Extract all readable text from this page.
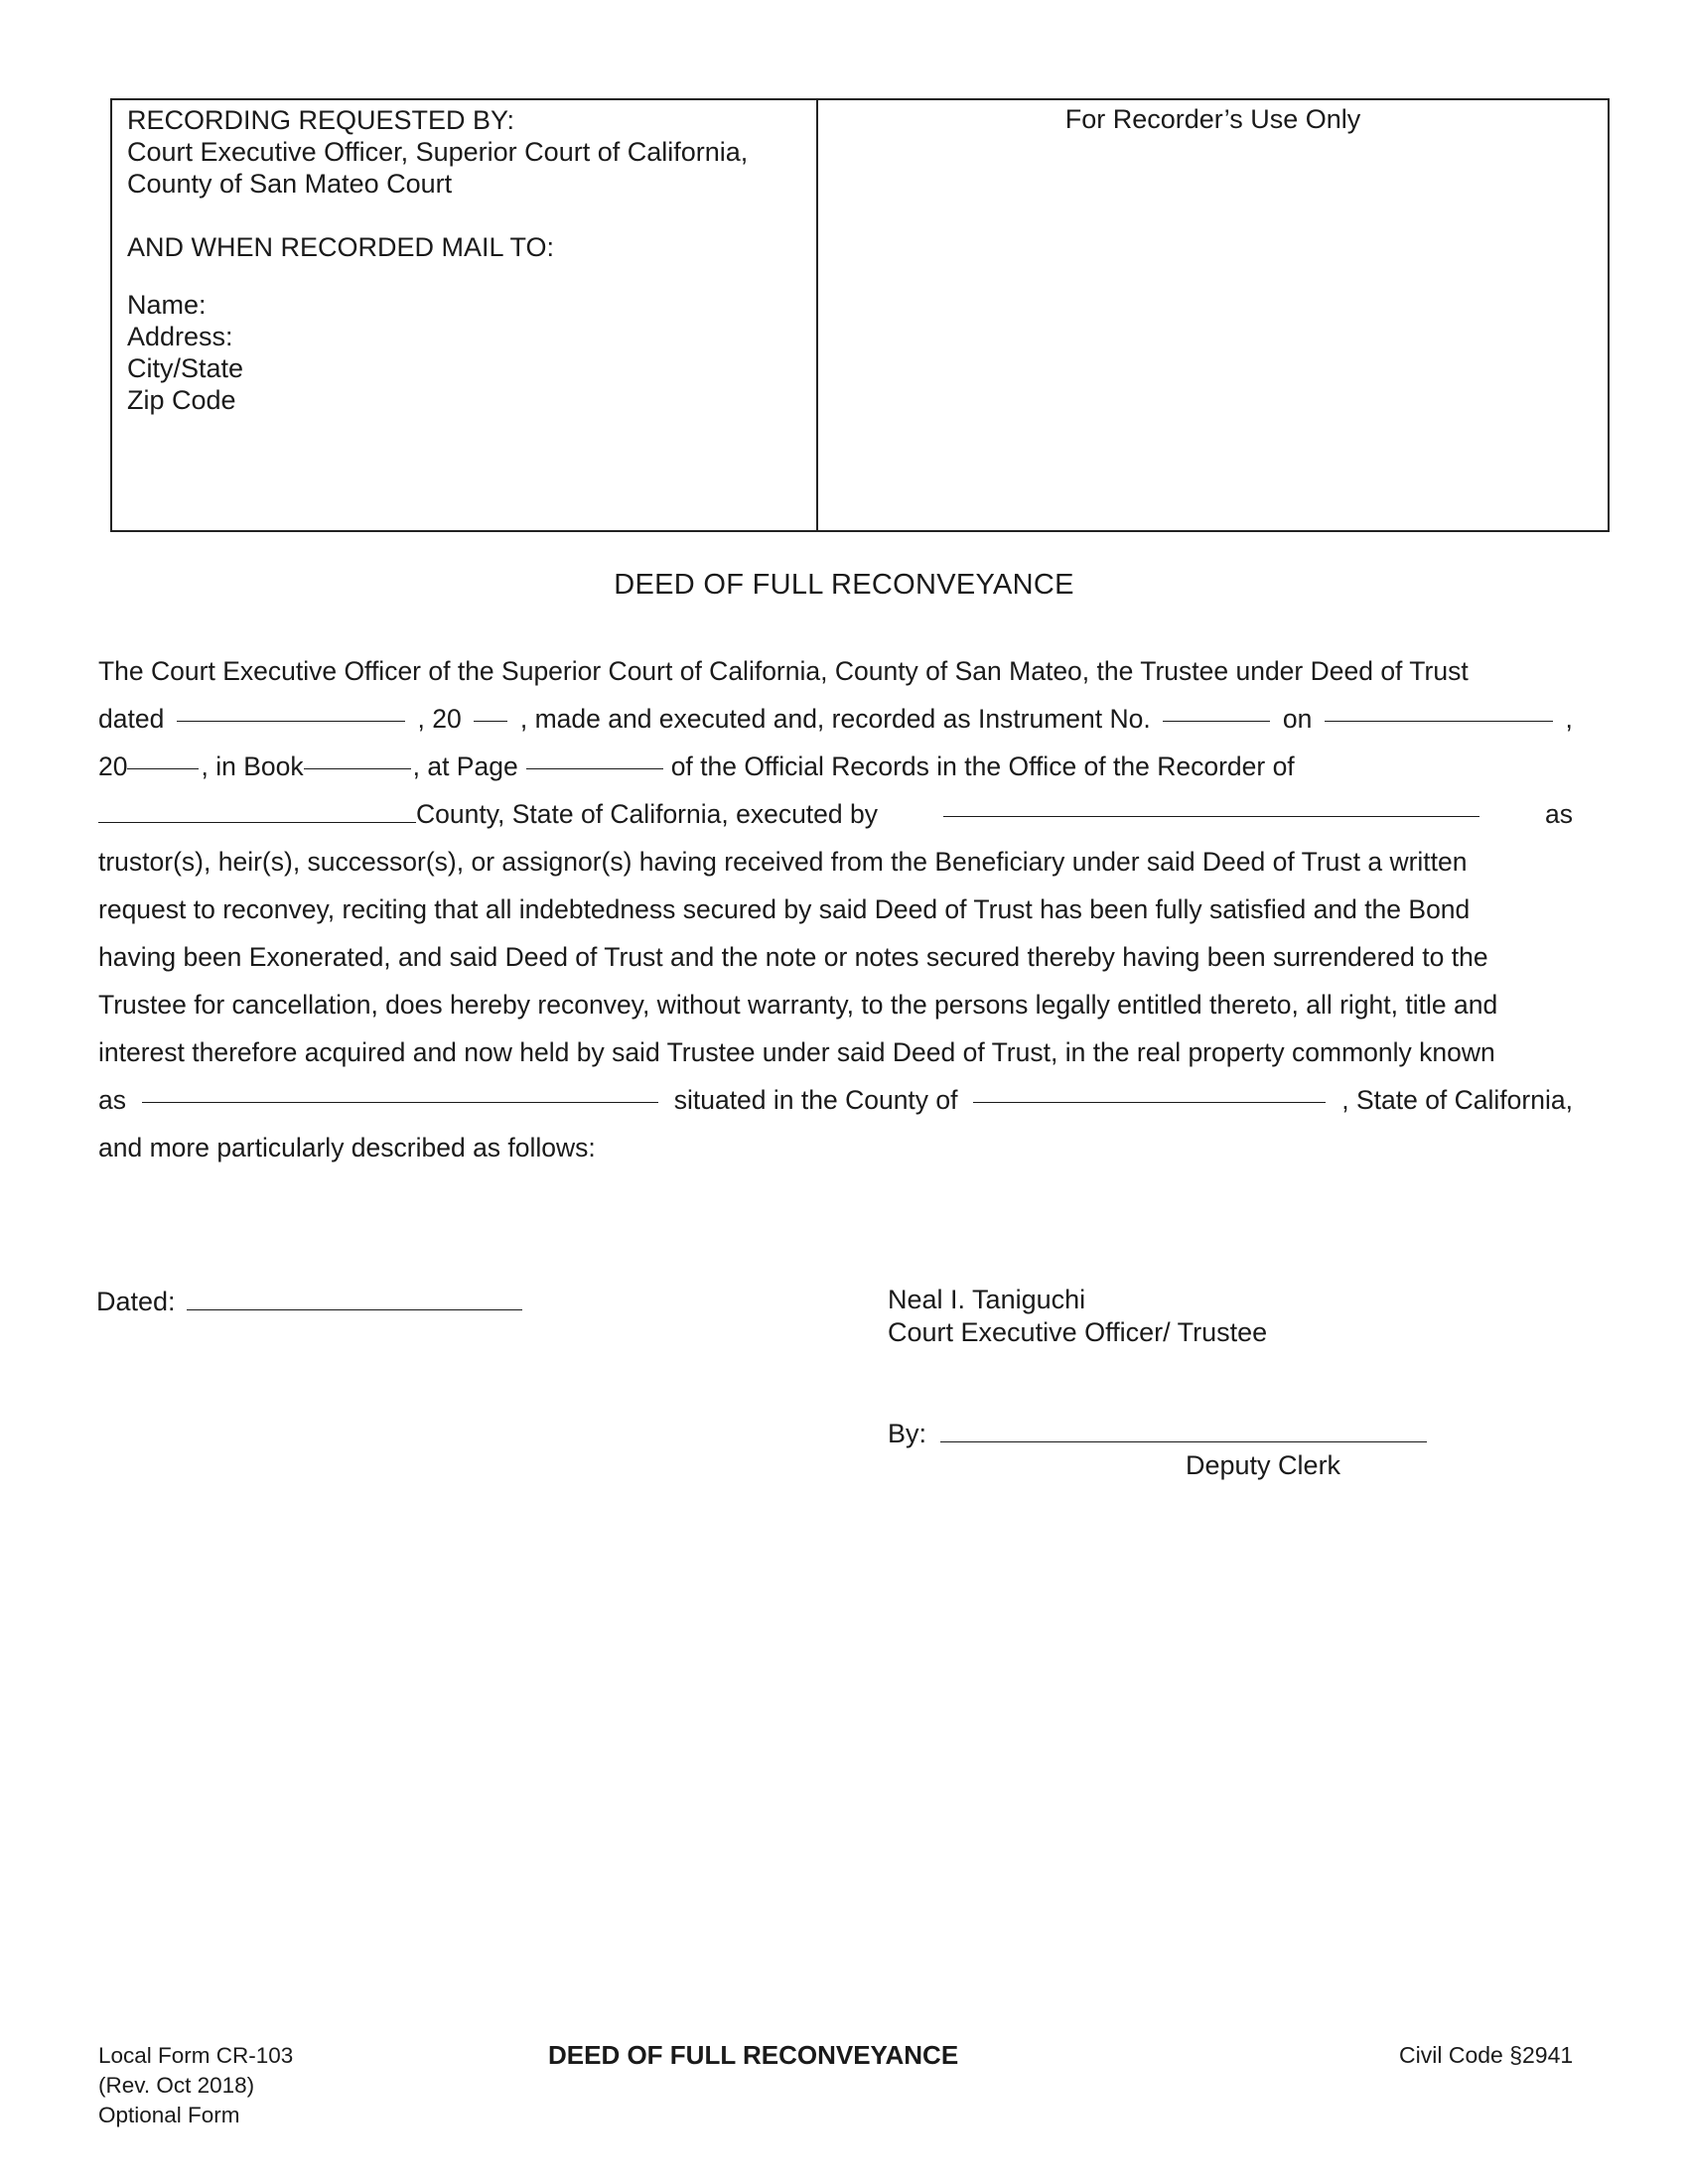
RECORDING REQUESTED BY:
Court Executive Officer, Superior Court of California,
County of San Mateo Court
AND WHEN RECORDED MAIL TO:
Name:
Address:
City/State
Zip Code
For Recorder’s Use Only
DEED OF FULL RECONVEYANCE
The Court Executive Officer of the Superior Court of California, County of San Mateo, the Trustee under Deed of Trust
dated	, 20 , made and executed and, recorded as Instrument No.	on	,
20	, in Book	, at Page	of the Official Records in the Office of the Recorder of
County, State of California, executed by	as
trustor(s), heir(s), successor(s), or assignor(s) having received from the Beneficiary under said Deed of Trust a written
request to reconvey, reciting that all indebtedness secured by said Deed of Trust has been fully satisfied and the Bond
having been Exonerated, and said Deed of Trust and the note or notes secured thereby having been surrendered to the
Trustee for cancellation, does hereby reconvey, without warranty, to the persons legally entitled thereto, all right, title and
interest therefore acquired and now held by said Trustee under said Deed of Trust, in the real property commonly known
as	situated in the County of	, State of California,
and more particularly described as follows:
Dated:	Neal I. Taniguchi
Court Executive Officer/ Trustee
By:
Deputy Clerk
Local Form CR-103
(Rev. Oct 2018)
Optional Form
DEED OF FULL RECONVEYANCE	Civil Code §2941
